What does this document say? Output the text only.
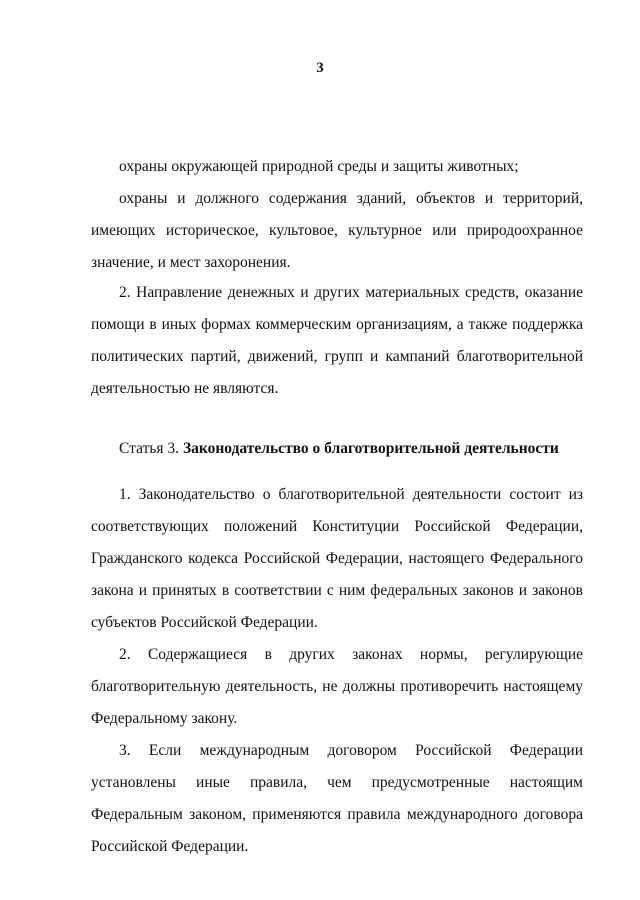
3

охраны окружающей природной среды и защиты животных;

охраны и должного содержания зданий, объектов и территорий, имеющих историческое, культовое, культурное или природоохранное значение, и мест захоронения.

2. Направление денежных и других материальных средств, оказание помощи в иных формах коммерческим организациям, а также поддержка политических партий, движений, групп и кампаний благотворительной деятельностью не являются.

Статья 3. Законодательство о благотворительной деятельности

1. Законодательство о благотворительной деятельности состоит из соответствующих положений Конституции Российской Федерации, Гражданского кодекса Российской Федерации, настоящего Федерального закона и принятых в соответствии с ним федеральных законов и законов субъектов Российской Федерации.

2. Содержащиеся в других законах нормы, регулирующие благотворительную деятельность, не должны противоречить настоящему Федеральному закону.

3. Если международным договором Российской Федерации установлены иные правила, чем предусмотренные настоящим Федеральным законом, применяются правила международного договора Российской Федерации.
